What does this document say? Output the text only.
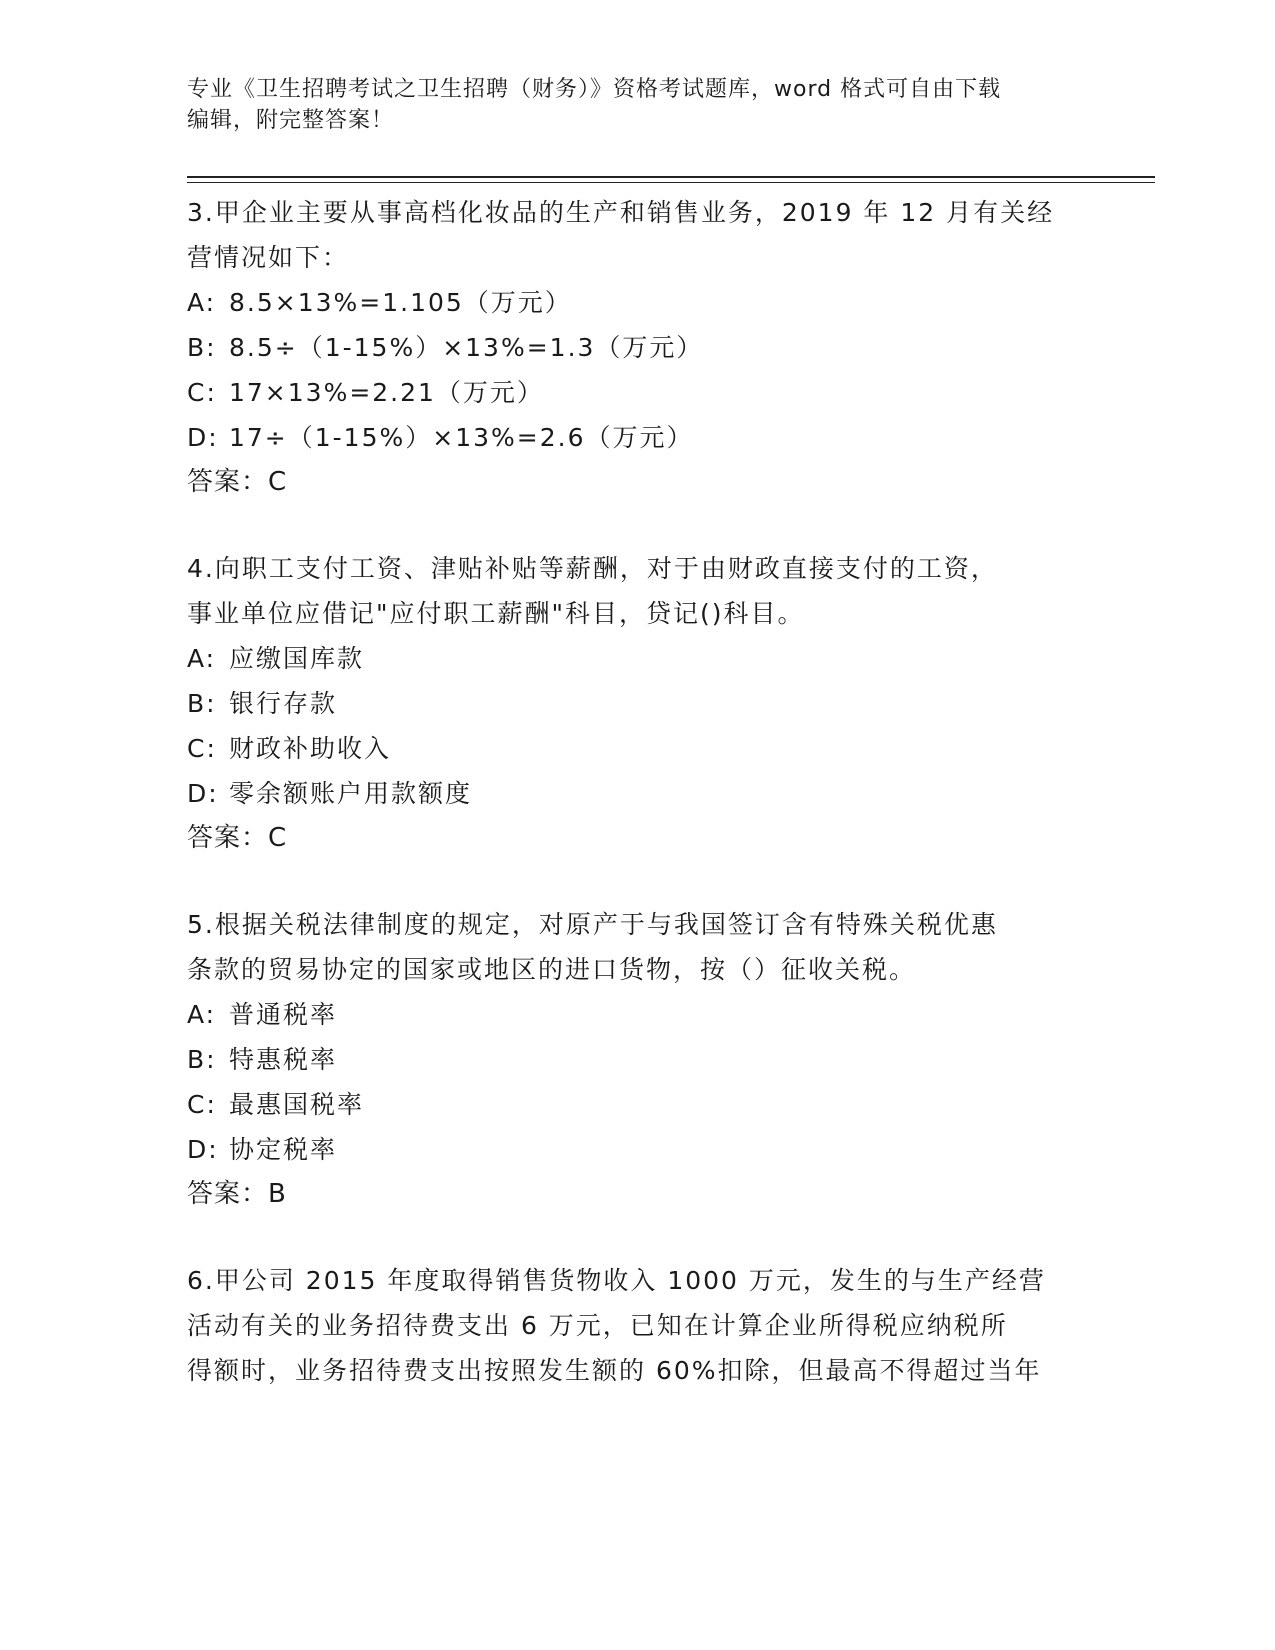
专业《卫生招聘考试之卫生招聘（财务）》资格考试题库，word 格式可自由下载
编辑，附完整答案！
3.甲企业主要从事高档化妆品的生产和销售业务，2019 年 12 月有关经
营情况如下：
A: 8.5×13%=1.105（万元）
B: 8.5÷（1-15%）×13%=1.3（万元）
C: 17×13%=2.21（万元）
D: 17÷（1-15%）×13%=2.6（万元）
答案：C
4.向职工支付工资、津贴补贴等薪酬，对于由财政直接支付的工资，
事业单位应借记"应付职工薪酬"科目，贷记()科目。
A: 应缴国库款
B: 银行存款
C: 财政补助收入
D: 零余额账户用款额度
答案：C
5.根据关税法律制度的规定，对原产于与我国签订含有特殊关税优惠
条款的贸易协定的国家或地区的进口货物，按（）征收关税。
A: 普通税率
B: 特惠税率
C: 最惠国税率
D: 协定税率
答案：B
6.甲公司 2015 年度取得销售货物收入 1000 万元，发生的与生产经营
活动有关的业务招待费支出 6 万元，已知在计算企业所得税应纳税所
得额时，业务招待费支出按照发生额的 60%扣除，但最高不得超过当年
